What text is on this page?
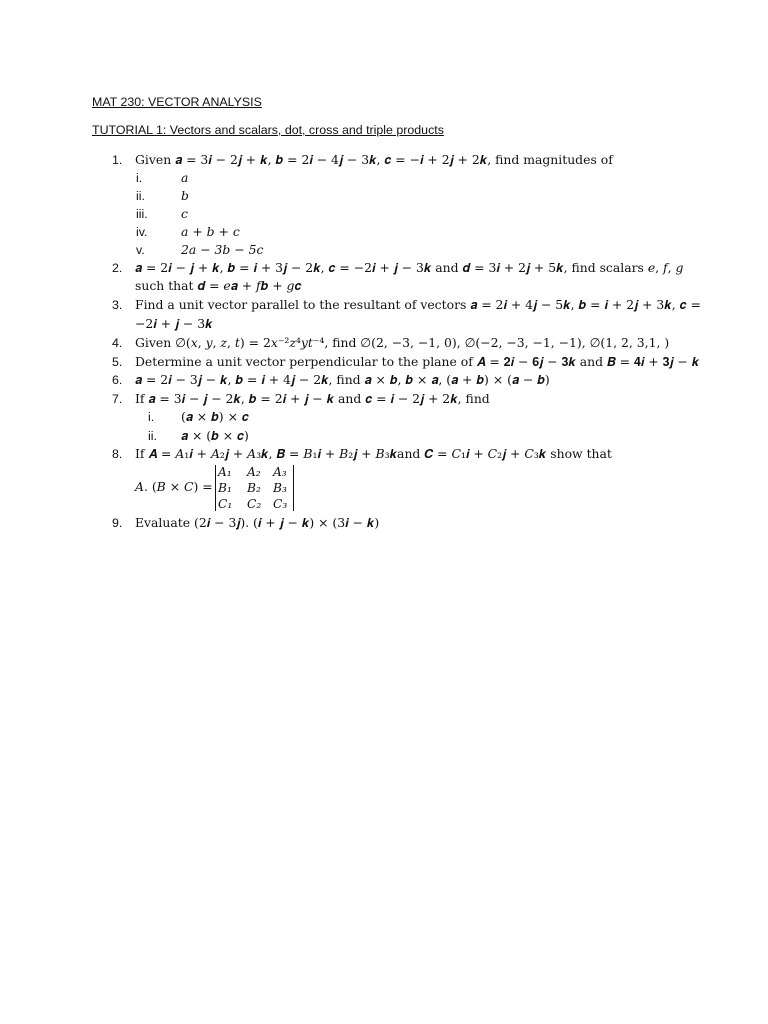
MAT 230: VECTOR ANALYSIS
TUTORIAL 1: Vectors and scalars, dot, cross and triple products
1. Given 𝒂 = 3𝒊 − 2𝒋 + 𝒌, 𝒃 = 2𝒊 − 4𝒋 − 3𝒌, 𝒄 = −𝒊 + 2𝒋 + 2𝒌, find magnitudes of
i.	𝑎
ii.	𝑏
iii.	𝑐
iv.	𝑎 + 𝑏 + 𝑐
v.	2𝑎 − 3𝑏 − 5𝑐
2. 𝒂 = 2𝒊 − 𝒋 + 𝒌, 𝒃 = 𝒊 + 3𝒋 − 2𝒌, 𝒄 = −2𝒊 + 𝒋 − 3𝒌 and 𝒅 = 3𝒊 + 2𝒋 + 5𝒌, find scalars 𝑒, 𝑓, 𝑔
such that 𝒅 = 𝑒𝒂 + 𝑓𝒃 + 𝑔𝒄
3. Find a unit vector parallel to the resultant of vectors 𝒂 = 2𝒊 + 4𝒋 − 5𝒌, 𝒃 = 𝒊 + 2𝒋 + 3𝒌, 𝒄 =
−2𝒊 + 𝒋 − 3𝒌
4. Given ∅(𝑥, 𝑦, 𝑧, 𝑡) = 2𝑥⁻²𝑧⁴𝑦𝑡⁻⁴, find ∅(2, −3, −1, 0), ∅(−2, −3, −1, −1), ∅(1, 2, 3,1, )
5. Determine a unit vector perpendicular to the plane of 𝑨 = 𝟐𝒊 − 𝟔𝒋 − 𝟑𝒌 and 𝑩 = 𝟒𝒊 + 𝟑𝒋 − 𝒌
6. 𝒂 = 2𝒊 − 3𝒋 − 𝒌, 𝒃 = 𝒊 + 4𝒋 − 2𝒌, find 𝒂 × 𝒃, 𝒃 × 𝒂, (𝒂 + 𝒃) × (𝒂 − 𝒃)
7. If 𝒂 = 3𝒊 − 𝒋 − 2𝒌, 𝒃 = 2𝒊 + 𝒋 − 𝒌 and 𝒄 = 𝒊 − 2𝒋 + 2𝒌, find
i. (𝒂 × 𝒃) × 𝒄
ii. 𝒂 × (𝒃 × 𝒄)
8. If 𝑨 = 𝐴₁𝒊 + 𝐴₂𝒋 + 𝐴₃𝒌, 𝑩 = 𝐵₁𝒊 + 𝐵₂𝒋 + 𝐵₃𝒌and 𝑪 = 𝐶₁𝒊 + 𝐶₂𝒋 + 𝐶₃𝒌 show that
𝐴. (𝐵 × 𝐶) =
𝐴₁ 𝐴₂ 𝐴₃
𝐵₁ 𝐵₂ 𝐵₃
𝐶₁ 𝐶₂ 𝐶₃
9. Evaluate (2𝒊 − 3𝒋). (𝒊 + 𝒋 − 𝒌) × (3𝒊 − 𝒌)
